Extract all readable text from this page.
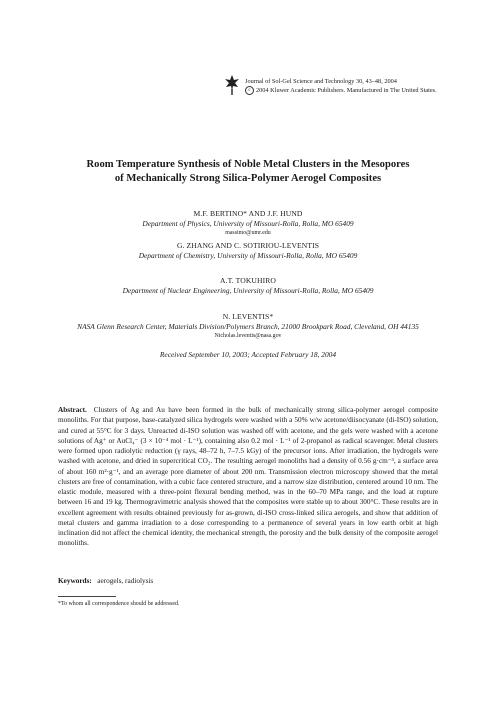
Journal of Sol-Gel Science and Technology 30, 43–48, 2004
c 2004 Kluwer Academic Publishers. Manufactured in The United States.
Room Temperature Synthesis of Noble Metal Clusters in the Mesopores
of Mechanically Strong Silica-Polymer Aerogel Composites
M.F. BERTINO* AND J.F. HUND
Department of Physics, University of Missouri-Rolla, Rolla, MO 65409
massimo@umr.edu
G. ZHANG AND C. SOTIRIOU-LEVENTIS
Department of Chemistry, University of Missouri-Rolla, Rolla, MO 65409
A.T. TOKUHIRO
Department of Nuclear Engineering, University of Missouri-Rolla, Rolla, MO 65409
N. LEVENTIS*
NASA Glenn Research Center, Materials Division/Polymers Branch, 21000 Brookpark Road, Cleveland, OH 44135
Nicholas.leventis@nasa.gov
Received September 10, 2003; Accepted February 18, 2004
Abstract. Clusters of Ag and Au have been formed in the bulk of mechanically strong silica-polymer aerogel composite monoliths. For that purpose, base-catalyzed silica hydrogels were washed with a 50% w/w acetone/diisocyanate (di-ISO) solution, and cured at 55°C for 3 days. Unreacted di-ISO solution was washed off with acetone, and the gels were washed with a acetone solutions of Ag⁺ or AuCl₄⁻ (3 × 10⁻⁴ mol · L⁻¹), containing also 0.2 mol · L⁻¹ of 2-propanol as radical scavenger. Metal clusters were formed upon radiolytic reduction (γ rays, 48–72 h, 7–7.5 kGy) of the precursor ions. After irradiation, the hydrogels were washed with acetone, and dried in supercritical CO₂. The resulting aerogel monoliths had a density of 0.56 g·cm⁻³, a surface area of about 160 m²·g⁻¹, and an average pore diameter of about 200 nm. Transmission electron microscopy showed that the metal clusters are free of contamination, with a cubic face centered structure, and a narrow size distribution, centered around 10 nm. The elastic module, measured with a three-point flexural bending method, was in the 60–70 MPa range, and the load at rupture between 16 and 19 kg. Thermogravimetric analysis showed that the composites were stable up to about 300°C. These results are in excellent agreement with results obtained previously for as-grown, di-ISO cross-linked silica aerogels, and show that addition of metal clusters and gamma irradiation to a dose corresponding to a permanence of several years in low earth orbit at high inclination did not affect the chemical identity, the mechanical strength, the porosity and the bulk density of the composite aerogel monoliths.
Keywords: aerogels, radiolysis
*To whom all correspondence should be addressed.
